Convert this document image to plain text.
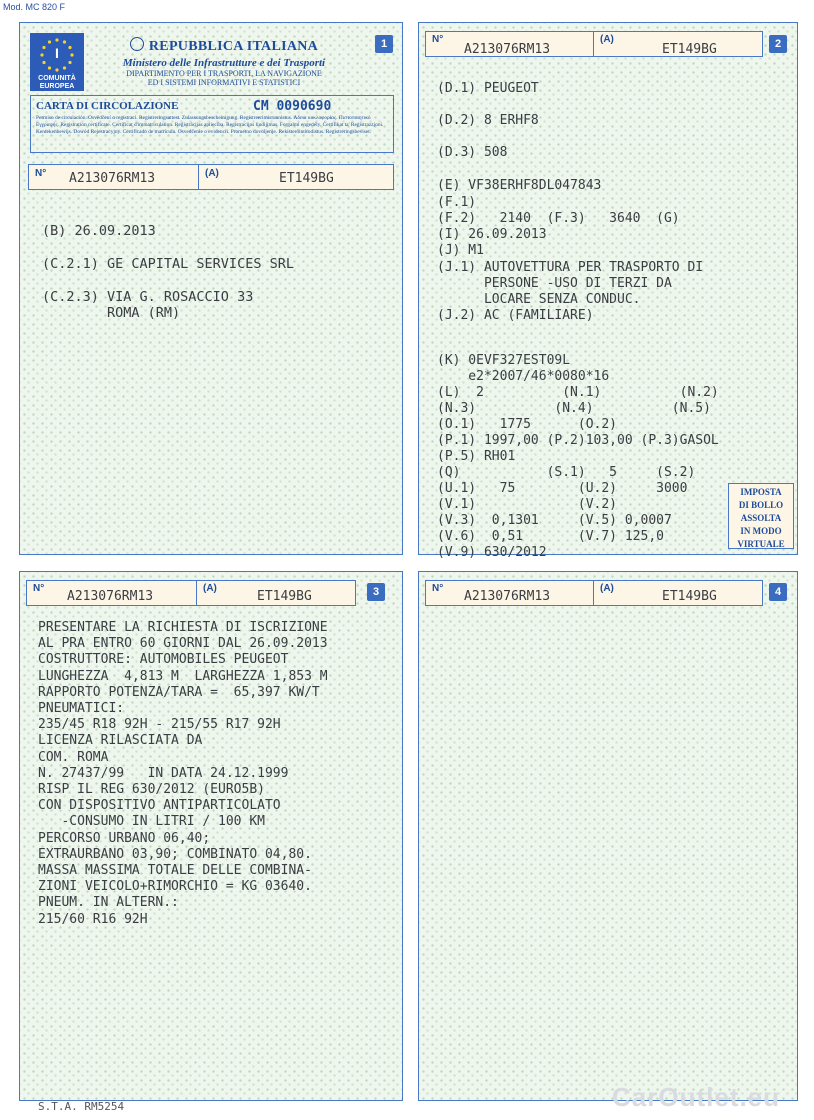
Mod. MC 820 F
1
I
COMUNITÀ
EUROPEA
REPUBBLICA ITALIANA
Ministero delle Infrastrutture e dei Trasporti
DIPARTIMENTO PER I TRASPORTI, LA NAVIGAZIONE
ED I SISTEMI INFORMATIVI E STATISTICI
CARTA DI CIRCOLAZIONE	CM 0090690
Permiso de circulación. Osvědčení o registraci. Registreringsattest. Zulassungsbescheinigung. Registreerimistunnistus. Άδεια κυκλοφορίας. Πιστοποιητικό Εγγραφής. Registration certificate. Certificat d'immatriculation. Reģistrācijas apliecība. Registracijos liudijimas. Forgalmi engedély. Ċertifikat ta' Reġistrazzjoni. Kentekenbewijs. Dowód Rejestracyjny. Certificado de matrícula. Osvedčenie o evidencii. Prometno dovoljenje. Rekisteröintitodistus. Registreringsbeviset.
N° A213076RM13	(A)	ET149BG
(B) 26.09.2013
(C.2.1) GE CAPITAL SERVICES SRL
(C.2.3) VIA G. ROSACCIO 33
ROMA (RM)
N°
A213076RM13
(A)
ET149BG	2
(D.1) PEUGEOT
(D.2) 8 ERHF8
(D.3) 508
(E) VF38ERHF8DL047843
(F.1)
(F.2)   2140  (F.3)   3640  (G)
(I) 26.09.2013
(J) M1
(J.1) AUTOVETTURA PER TRASPORTO DI
PERSONE -USO DI TERZI DA
LOCARE SENZA CONDUC.
(J.2) AC (FAMILIARE)
(K) 0EVF327EST09L
e2*2007/46*0080*16
(L)  2          (N.1)          (N.2)
(N.3)          (N.4)          (N.5)
(O.1)   1775      (O.2)
(P.1) 1997,00 (P.2)103,00 (P.3)GASOL
(P.5) RH01
(Q)           (S.1)   5     (S.2)
(U.1)   75        (U.2)     3000
(V.1)             (V.2)
(V.3)  0,1301     (V.5) 0,0007
(V.6)  0,51       (V.7) 125,0
(V.9) 630/2012
IMPOSTA
DI BOLLO
ASSOLTA
IN MODO
VIRTUALE
N°
A213076RM13
(A)
ET149BG	3
PRESENTARE LA RICHIESTA DI ISCRIZIONE
AL PRA ENTRO 60 GIORNI DAL 26.09.2013
COSTRUTTORE: AUTOMOBILES PEUGEOT
LUNGHEZZA  4,813 M  LARGHEZZA 1,853 M
RAPPORTO POTENZA/TARA =  65,397 KW/T
PNEUMATICI:
235/45 R18 92H - 215/55 R17 92H
LICENZA RILASCIATA DA
COM. ROMA
N. 27437/99   IN DATA 24.12.1999
RISP IL REG 630/2012 (EURO5B)
CON DISPOSITIVO ANTIPARTICOLATO
-CONSUMO IN LITRI / 100 KM
PERCORSO URBANO 06,40;
EXTRAURBANO 03,90; COMBINATO 04,80.
MASSA MASSIMA TOTALE DELLE COMBINA-
ZIONI VEICOLO+RIMORCHIO = KG 03640.
PNEUM. IN ALTERN.:
215/60 R16 92H
N°
A213076RM13
(A)
ET149BG	4
S.T.A. RM5254	CarOutlet.eu
